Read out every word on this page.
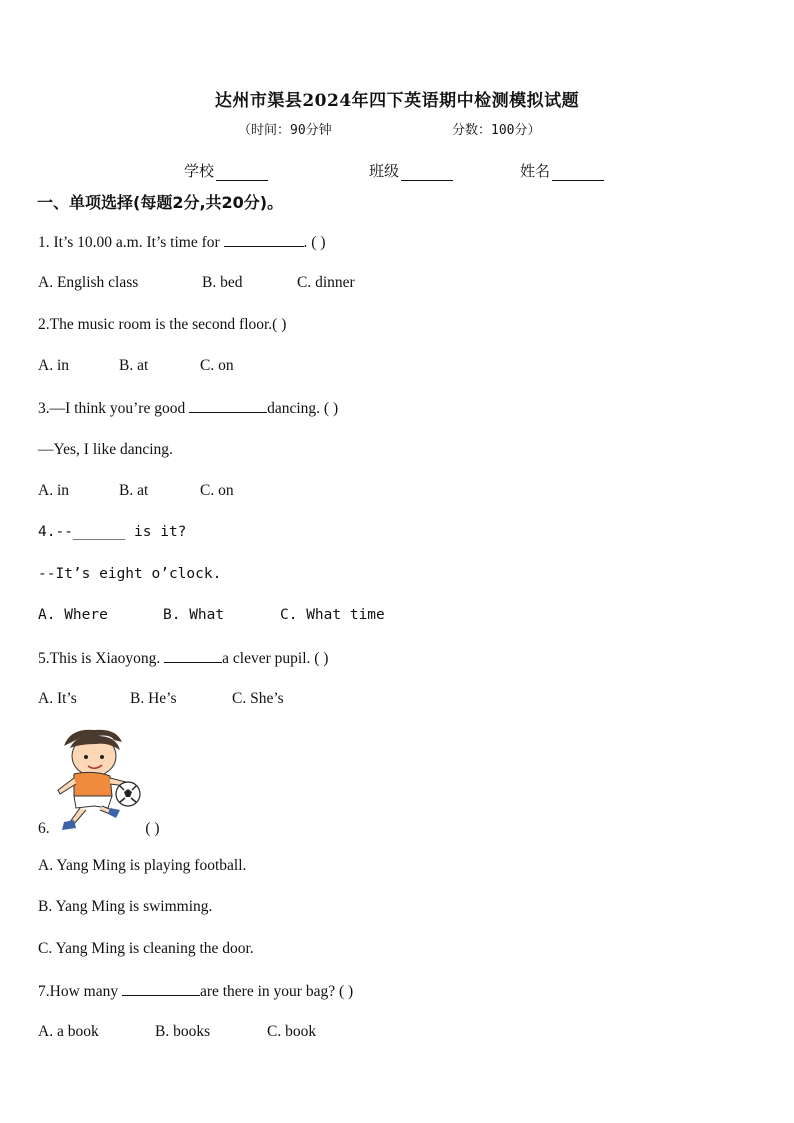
达州市渠县2024年四下英语期中检测模拟试题
（时间：90分钟	分数：100分）
学校	班级	姓名
一、单项选择(每题2分,共20分)。
1. It’s 10.00 a.m. It’s time for	. ( )
A. English class	B. bed	C. dinner
2.The music room is the second floor.( )
A. in	B. at	C. on
3.—I think you’re good	dancing. ( )
—Yes, I like dancing.
A. in	B. at	C. on
4.--______ is it?
--It’s eight o’clock.
A. Where	B. What	C. What time
5.This is Xiaoyong.	a clever pupil. ( )
A. It’s	B. He’s	C. She’s
6.	( )
A. Yang Ming is playing football.
B. Yang Ming is swimming.
C. Yang Ming is cleaning the door.
7.How many	are there in your bag? ( )
A. a book	B. books	C. book
